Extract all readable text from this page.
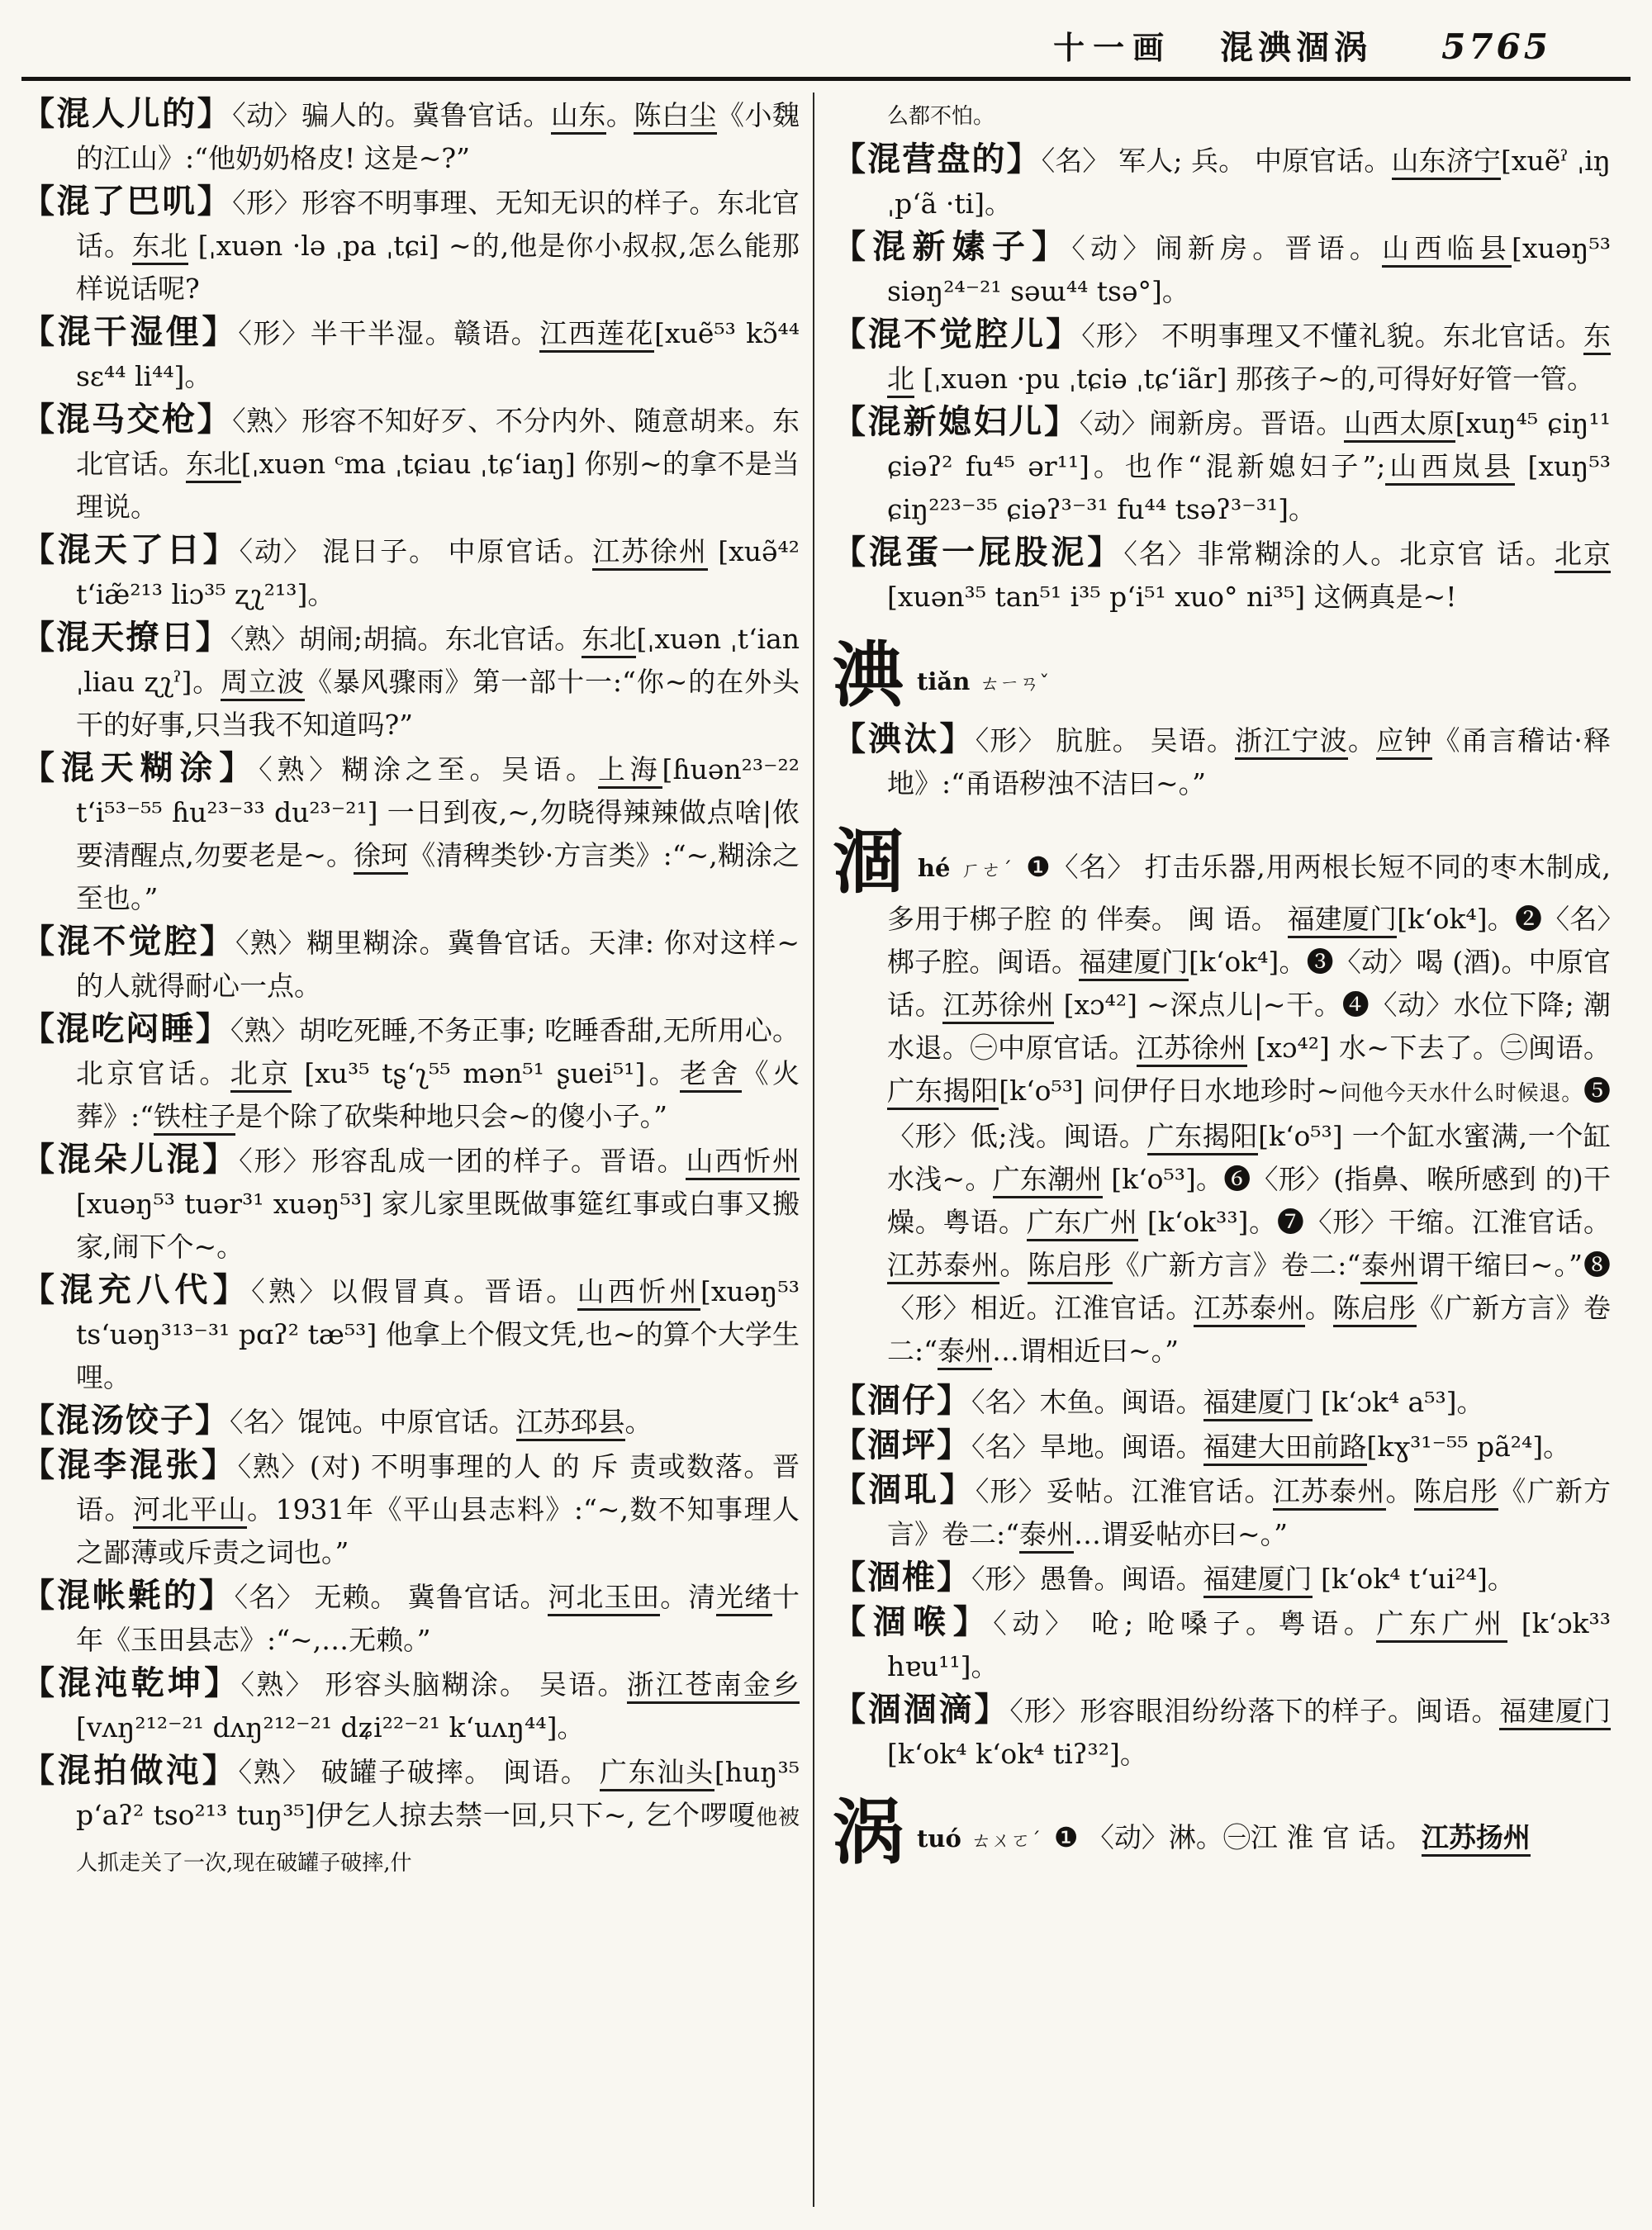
十一画 混淟涸涡 5765

【混人儿的】〈动〉骗人的。冀鲁官话。山东。陈白尘《小魏的江山》:“他奶奶格皮! 这是~?”

【混了巴叽】〈形〉形容不明事理、无知无识的样子。东北官话。东北 [ˌxuən ·lə ˌpa ˌtɕi] ~的,他是你小叔叔,怎么能那样说话呢?

【混干湿俚】〈形〉半干半湿。赣语。江西莲花[xuẽ⁵³ kɔ̃⁴⁴ sɛ⁴⁴ li⁴⁴]。

【混马交枪】〈熟〉形容不知好歹、不分内外、随意胡来。东北官话。东北[ˌxuən ᶜma ˌtɕiau ˌtɕʻiaŋ] 你别~的拿不是当理说。

【混天了日】〈动〉 混日子。 中原官话。江苏徐州 [xuə̃⁴² tʻiæ̃²¹³ liɔ³⁵ ʐʅ²¹³]。

【混天撩日】〈熟〉胡闹;胡搞。东北官话。东北[ˌxuən ˌtʻian ˌliau ʐʅˀ]。周立波《暴风骤雨》第一部十一:“你~的在外头干的好事,只当我不知道吗?”

【混天糊涂】〈熟〉糊涂之至。吴语。上海[ɦuən²³⁻²² tʻi⁵³⁻⁵⁵ ɦu²³⁻³³ du²³⁻²¹] 一日到夜,~,勿晓得辣辣做点啥|侬要清醒点,勿要老是~。徐珂《清稗类钞·方言类》:“~,糊涂之至也。”

【混不觉腔】〈熟〉糊里糊涂。冀鲁官话。天津: 你对这样~的人就得耐心一点。

【混吃闷睡】〈熟〉胡吃死睡,不务正事; 吃睡香甜,无所用心。北京官话。北京 [xu³⁵ tʂʻʅ⁵⁵ mən⁵¹ ʂuei⁵¹]。老舍《火葬》:“铁柱子是个除了砍柴种地只会~的傻小子。”

【混朵儿混】〈形〉形容乱成一团的样子。晋语。山西忻州[xuəŋ⁵³ tuər³¹ xuəŋ⁵³] 家儿家里既做事筵红事或白事又搬家,闹下个~。

【混充八代】〈熟〉以假冒真。晋语。山西忻州[xuəŋ⁵³ tsʻuəŋ³¹³⁻³¹ pɑʔ² tæ⁵³] 他拿上个假文凭,也~的算个大学生哩。

【混汤饺子】〈名〉馄饨。中原官话。江苏邳县。

【混李混张】〈熟〉(对) 不明事理的人 的 斥 责或数落。晋语。河北平山。1931年《平山县志料》:“~,数不知事理人之鄙薄或斥责之词也。”

【混帐氉的】〈名〉 无赖。 冀鲁官话。河北玉田。清光绪十年《玉田县志》:“~,…无赖。”

【混沌乾坤】〈熟〉 形容头脑糊涂。 吴语。浙江苍南金乡 [vʌŋ²¹²⁻²¹ dʌŋ²¹²⁻²¹ dʑi²²⁻²¹ kʻuʌŋ⁴⁴]。

【混拍做沌】〈熟〉 破罐子破摔。 闽语。 广东汕头[huŋ³⁵ pʻaʔ² tso²¹³ tuŋ³⁵]伊乞人掠去禁一回,只下~, 乞个啰嗄他被人抓走关了一次,现在破罐子破摔,什

么都不怕。

【混营盘的】〈名〉 军人; 兵。 中原官话。山东济宁[xuẽˀ ˌiŋ ˌpʻã ·ti]。

【混新嫊子】〈动〉闹新房。晋语。山西临县[xuəŋ⁵³ siəŋ²⁴⁻²¹ səɯ⁴⁴ tsə°]。

【混不觉腔儿】〈形〉 不明事理又不懂礼貌。东北官话。东北 [ˌxuən ·pu ˌtɕiə ˌtɕʻiãr] 那孩子~的,可得好好管一管。

【混新媳妇儿】〈动〉闹新房。晋语。山西太原[xuŋ⁴⁵ ɕiŋ¹¹ ɕiəʔ² fu⁴⁵ ər¹¹]。也作“混新媳妇子”;山西岚县 [xuŋ⁵³ ɕiŋ²²³⁻³⁵ ɕiəʔ³⁻³¹ fu⁴⁴ tsəʔ³⁻³¹]。

【混蛋一屁股泥】〈名〉非常糊涂的人。北京官 话。北京 [xuən³⁵ tan⁵¹ i³⁵ pʻi⁵¹ xuo° ni³⁵] 这俩真是~!

淟tiǎn ㄊㄧㄢˇ

【淟汰】〈形〉 肮脏。 吴语。浙江宁波。应钟《甬言稽诂·释地》:“甬语秽浊不洁曰~。”

涸hé ㄏㄜˊ ❶〈名〉 打击乐器,用两根长短不同的枣木制成,多用于梆子腔 的 伴奏。 闽 语。 福建厦门[kʻok⁴]。❷〈名〉梆子腔。闽语。福建厦门[kʻok⁴]。❸〈动〉喝 (酒)。中原官话。江苏徐州 [xɔ⁴²] ~深点儿|~干。❹〈动〉水位下降; 潮水退。㊀中原官话。江苏徐州 [xɔ⁴²] 水~下去了。㊁闽语。广东揭阳[kʻo⁵³] 问伊仔日水地珍时~问他今天水什么时候退。❺〈形〉低;浅。闽语。广东揭阳[kʻo⁵³] 一个缸水蜜满,一个缸水浅~。广东潮州 [kʻo⁵³]。❻〈形〉(指鼻、喉所感到 的)干燥。粤语。广东广州 [kʻok³³]。❼〈形〉干缩。江淮官话。江苏泰州。陈启彤《广新方言》卷二:“泰州谓干缩曰~。”❽〈形〉相近。江淮官话。江苏泰州。陈启彤《广新方言》卷二:“泰州…谓相近曰~。”

【涸仔】〈名〉木鱼。闽语。福建厦门 [kʻɔk⁴ a⁵³]。

【涸坪】〈名〉旱地。闽语。福建大田前路[kɣ³¹⁻⁵⁵ pã²⁴]。

【涸耴】〈形〉妥帖。江淮官话。江苏泰州。陈启彤《广新方言》卷二:“泰州…谓妥帖亦曰~。”

【涸椎】〈形〉愚鲁。闽语。福建厦门 [kʻok⁴ tʻui²⁴]。

【涸喉】〈动〉 呛; 呛嗓子。粤语。广东广州 [kʻɔk³³ hɐu¹¹]。

【涸涸滴】〈形〉形容眼泪纷纷落下的样子。闽语。福建厦门 [kʻok⁴ kʻok⁴ tiʔ³²]。

涡tuó ㄊㄨㄛˊ ❶ 〈动〉淋。㊀江 淮 官 话。 江苏扬州
